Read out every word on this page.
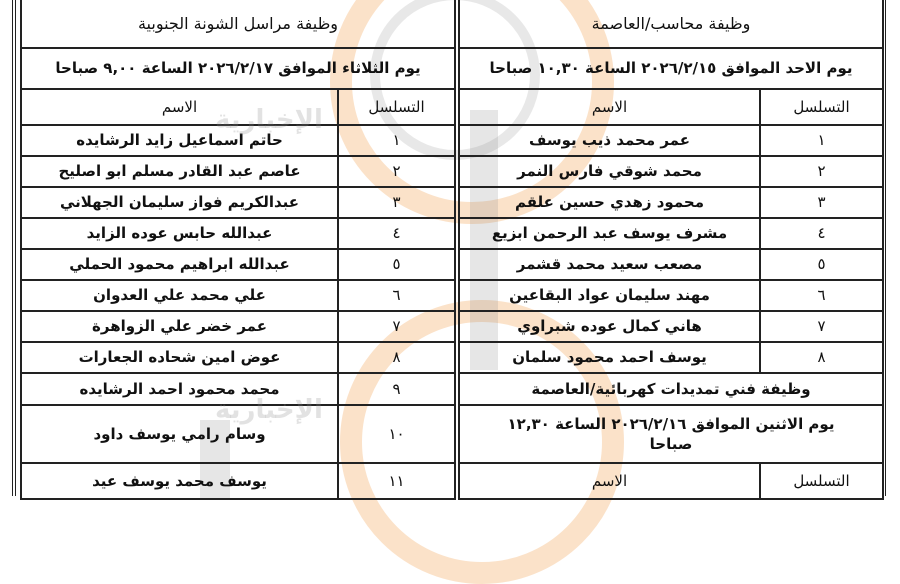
وظيفة محاسب/العاصمة	
يوم الاحد الموافق ٢٠٢٦/٢/١٥ الساعة ١٠,٣٠ صباحا	
التسلسل	الاسم
١	عمر محمد ذيب يوسف
٢	محمد شوقي فارس النمر
٣	محمود زهدي حسين علقم
٤	مشرف يوسف عبد الرحمن ابزيع
٥	مصعب سعيد محمد قشمر
٦	مهند سليمان عواد البقاعين
٧	هاني كمال عوده شبراوي
٨	يوسف احمد محمود سلمان
وظيفة فني تمديدات كهربائية/العاصمة	
يوم الاثنين الموافق ٢٠٢٦/٢/١٦ الساعة ١٢,٣٠ صباحا	
التسلسل	الاسم
وظيفة مراسل الشونة الجنوبية	
يوم الثلاثاء الموافق ٢٠٢٦/٢/١٧ الساعة ٩,٠٠ صباحا	
التسلسل	الاسم
١	حاتم اسماعيل زايد الرشايده
٢	عاصم عبد القادر مسلم ابو اصليح
٣	عبدالكريم فواز سليمان الجهلاني
٤	عبدالله حابس عوده الزايد
٥	عبدالله ابراهيم محمود الحملي
٦	علي محمد علي العدوان
٧	عمر خضر علي الزواهرة
٨	عوض امين شحاده الجعارات
٩	محمد محمود احمد الرشايده
١٠	وسام رامي يوسف داود
١١	يوسف محمد يوسف عيد
الإخبارية
الإخبارية
